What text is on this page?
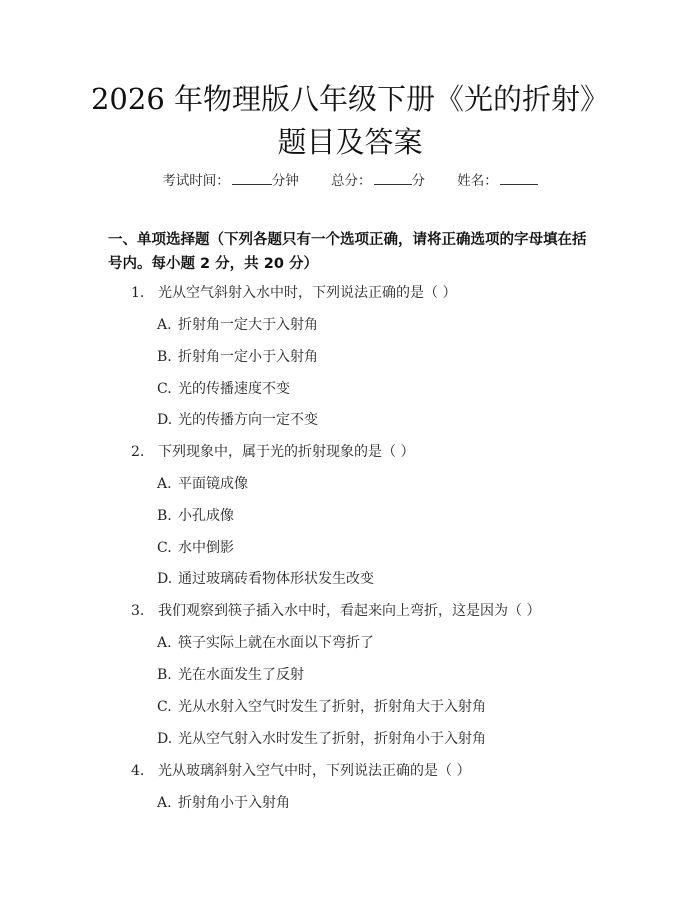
2026 年物理版八年级下册《光的折射》题目及答案
考试时间：	分钟 总分：	分 姓名：
一、单项选择题（下列各题只有一个选项正确，请将正确选项的字母填在括号内。每小题 2 分，共 20 分）
1. 光从空气斜射入水中时，下列说法正确的是（ ）
A. 折射角一定大于入射角
B. 折射角一定小于入射角
C. 光的传播速度不变
D. 光的传播方向一定不变
2. 下列现象中，属于光的折射现象的是（ ）
A. 平面镜成像
B. 小孔成像
C. 水中倒影
D. 通过玻璃砖看物体形状发生改变
3. 我们观察到筷子插入水中时，看起来向上弯折，这是因为（ ）
A. 筷子实际上就在水面以下弯折了
B. 光在水面发生了反射
C. 光从水射入空气时发生了折射，折射角大于入射角
D. 光从空气射入水时发生了折射，折射角小于入射角
4. 光从玻璃斜射入空气中时，下列说法正确的是（ ）
A. 折射角小于入射角
